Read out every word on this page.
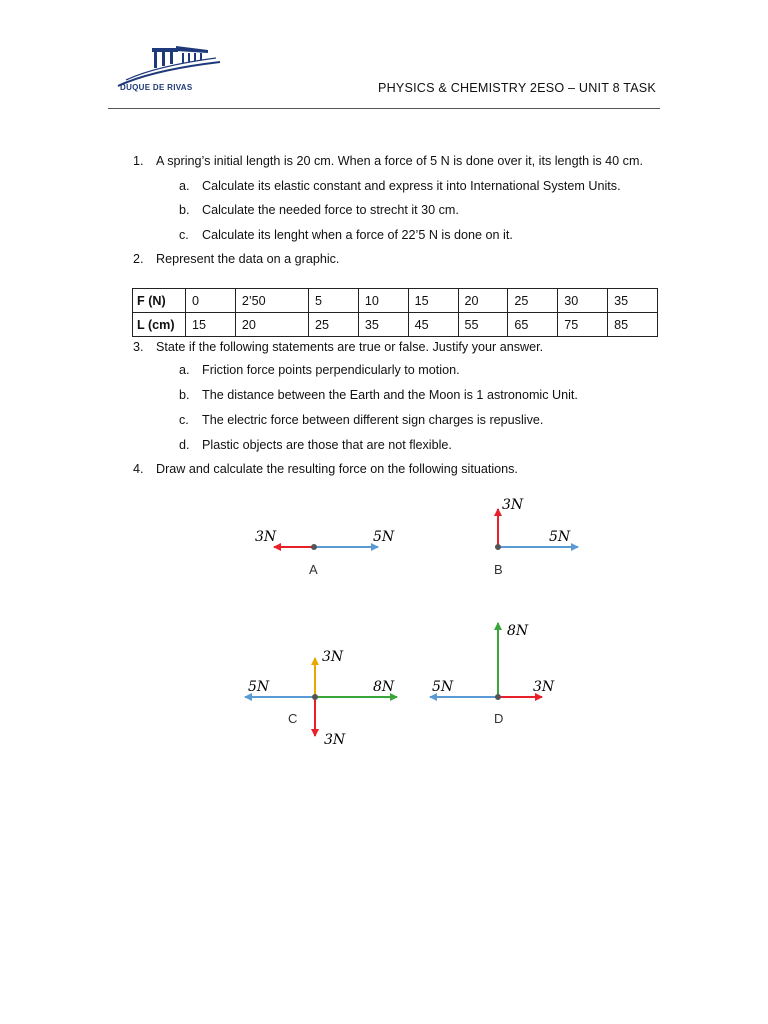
DUQUE DE RIVAS	PHYSICS & CHEMISTRY 2ESO – UNIT 8 TASK
1. A spring’s initial length is 20 cm. When a force of 5 N is done over it, its length is 40 cm.
a. Calculate its elastic constant and express it into International System Units.
b. Calculate the needed force to strecht it 30 cm.
c. Calculate its lenght when a force of 22’5 N is done on it.
2. Represent the data on a graphic.
F (N)	0	2’50	5	10	15	20	25	30	35
L (cm)	15	20	25	35	45	55	65	75	85
3. State if the following statements are true or false. Justify your answer.
a. Friction force points perpendicularly to motion.
b. The distance between the Earth and the Moon is 1 astronomic Unit.
c. The electric force between different sign charges is repuslive.
d. Plastic objects are those that are not flexible.
4. Draw and calculate the resulting force on the following situations.
3N	5N
A
3N
5N
B
5N	8N
3N
3N
C
5N
8N
3N
D
